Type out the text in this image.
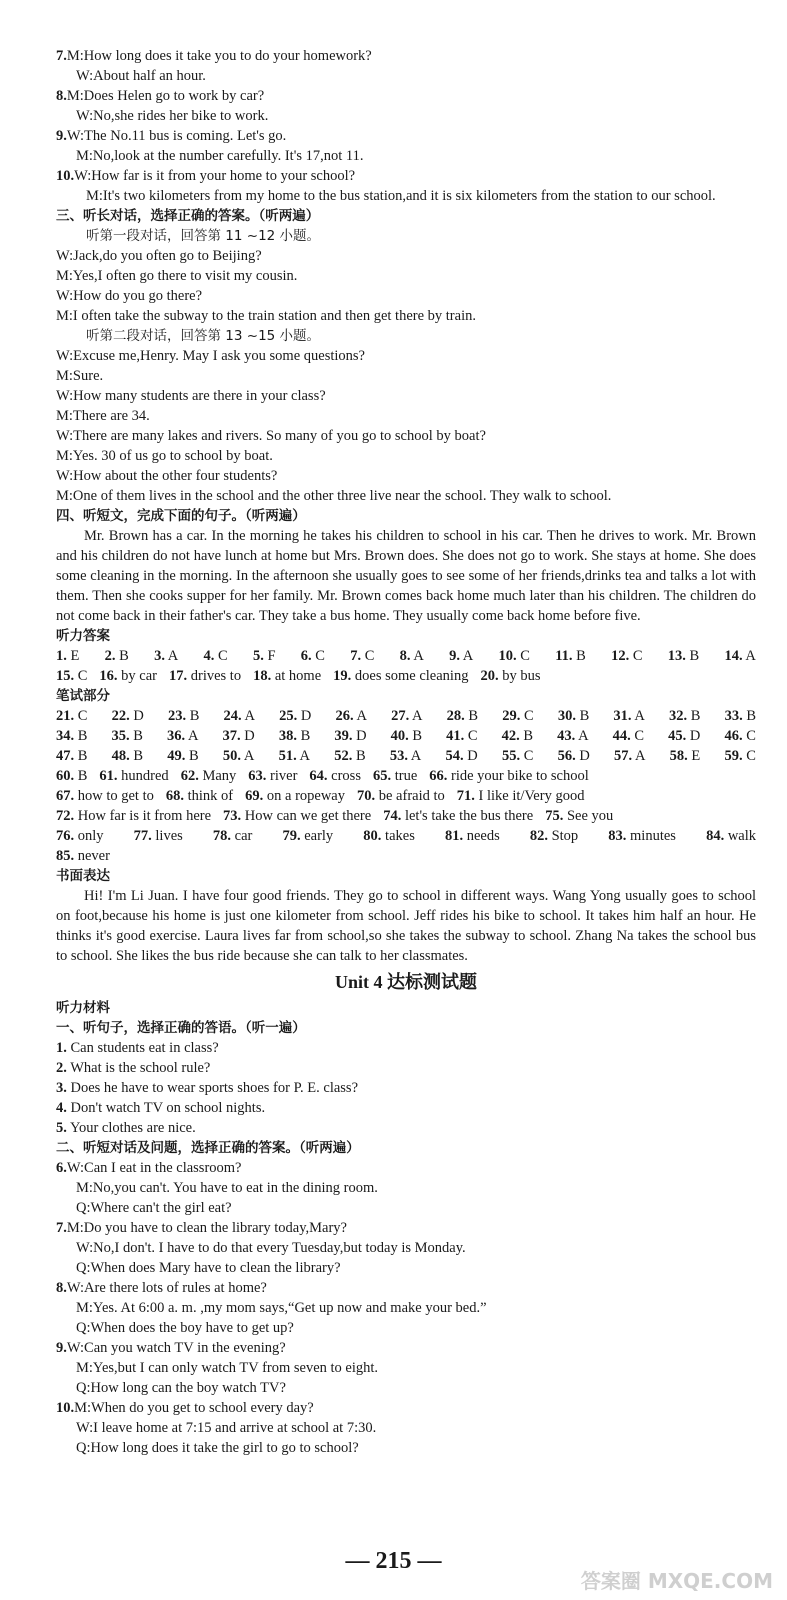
7.M:How long does it take you to do your homework?
W:About half an hour.
8.M:Does Helen go to work by car?
W:No,she rides her bike to work.
9.W:The No.11 bus is coming. Let's go.
M:No,look at the number carefully. It's 17,not 11.
10.W:How far is it from your home to your school?
M:It's two kilometers from my home to the bus station,and it is six kilometers from the station to our school.
三、听长对话，选择正确的答案。（听两遍）
听第一段对话，回答第 11 ~12 小题。
W:Jack,do you often go to Beijing?
M:Yes,I often go there to visit my cousin.
W:How do you go there?
M:I often take the subway to the train station and then get there by train.
听第二段对话，回答第 13 ~15 小题。
W:Excuse me,Henry. May I ask you some questions?
M:Sure.
W:How many students are there in your class?
M:There are 34.
W:There are many lakes and rivers. So many of you go to school by boat?
M:Yes. 30 of us go to school by boat.
W:How about the other four students?
M:One of them lives in the school and the other three live near the school. They walk to school.
四、听短文，完成下面的句子。（听两遍）
Mr. Brown has a car. In the morning he takes his children to school in his car. Then he drives to work. Mr. Brown and his children do not have lunch at home but Mrs. Brown does. She does not go to work. She stays at home. She does some cleaning in the morning. In the afternoon she usually goes to see some of her friends,drinks tea and talks a lot with them. Then she cooks supper for her family. Mr. Brown comes back home much later than his children. The children do not come back in their father's car. They take a bus home. They usually come back home before five.
听力答案
1. E 2. B 3. A 4. C 5. F 6. C 7. C 8. A 9. A 10. C 11. B 12. C 13. B 14. A
15. C 16. by car 17. drives to 18. at home 19. does some cleaning 20. by bus
笔试部分
21. C 22. D 23. B 24. A 25. D 26. A 27. A 28. B 29. C 30. B 31. A 32. B 33. B
34. B 35. B 36. A 37. D 38. B 39. D 40. B 41. C 42. B 43. A 44. C 45. D 46. C
47. B 48. B 49. B 50. A 51. A 52. B 53. A 54. D 55. C 56. D 57. A 58. E 59. C
60. B 61. hundred 62. Many 63. river 64. cross 65. true 66. ride your bike to school
67. how to get to 68. think of 69. on a ropeway 70. be afraid to 71. I like it/Very good
72. How far is it from here 73. How can we get there 74. let's take the bus there 75. See you
76. only 77. lives 78. car 79. early 80. takes 81. needs 82. Stop 83. minutes 84. walk
85. never
书面表达
Hi! I'm Li Juan. I have four good friends. They go to school in different ways. Wang Yong usually goes to school on foot,because his home is just one kilometer from school. Jeff rides his bike to school. It takes him half an hour. He thinks it's good exercise. Laura lives far from school,so she takes the subway to school. Zhang Na takes the school bus to school. She likes the bus ride because she can talk to her classmates.
Unit 4 达标测试题
听力材料
一、听句子，选择正确的答语。（听一遍）
1. Can students eat in class?
2. What is the school rule?
3. Does he have to wear sports shoes for P. E. class?
4. Don't watch TV on school nights.
5. Your clothes are nice.
二、听短对话及问题，选择正确的答案。（听两遍）
6.W:Can I eat in the classroom?
M:No,you can't. You have to eat in the dining room.
Q:Where can't the girl eat?
7.M:Do you have to clean the library today,Mary?
W:No,I don't. I have to do that every Tuesday,but today is Monday.
Q:When does Mary have to clean the library?
8.W:Are there lots of rules at home?
M:Yes. At 6:00 a. m. ,my mom says,“Get up now and make your bed.”
Q:When does the boy have to get up?
9.W:Can you watch TV in the evening?
M:Yes,but I can only watch TV from seven to eight.
Q:How long can the boy watch TV?
10.M:When do you get to school every day?
W:I leave home at 7:15 and arrive at school at 7:30.
Q:How long does it take the girl to go to school?
— 215 —
答案圈 MXQE.COM
